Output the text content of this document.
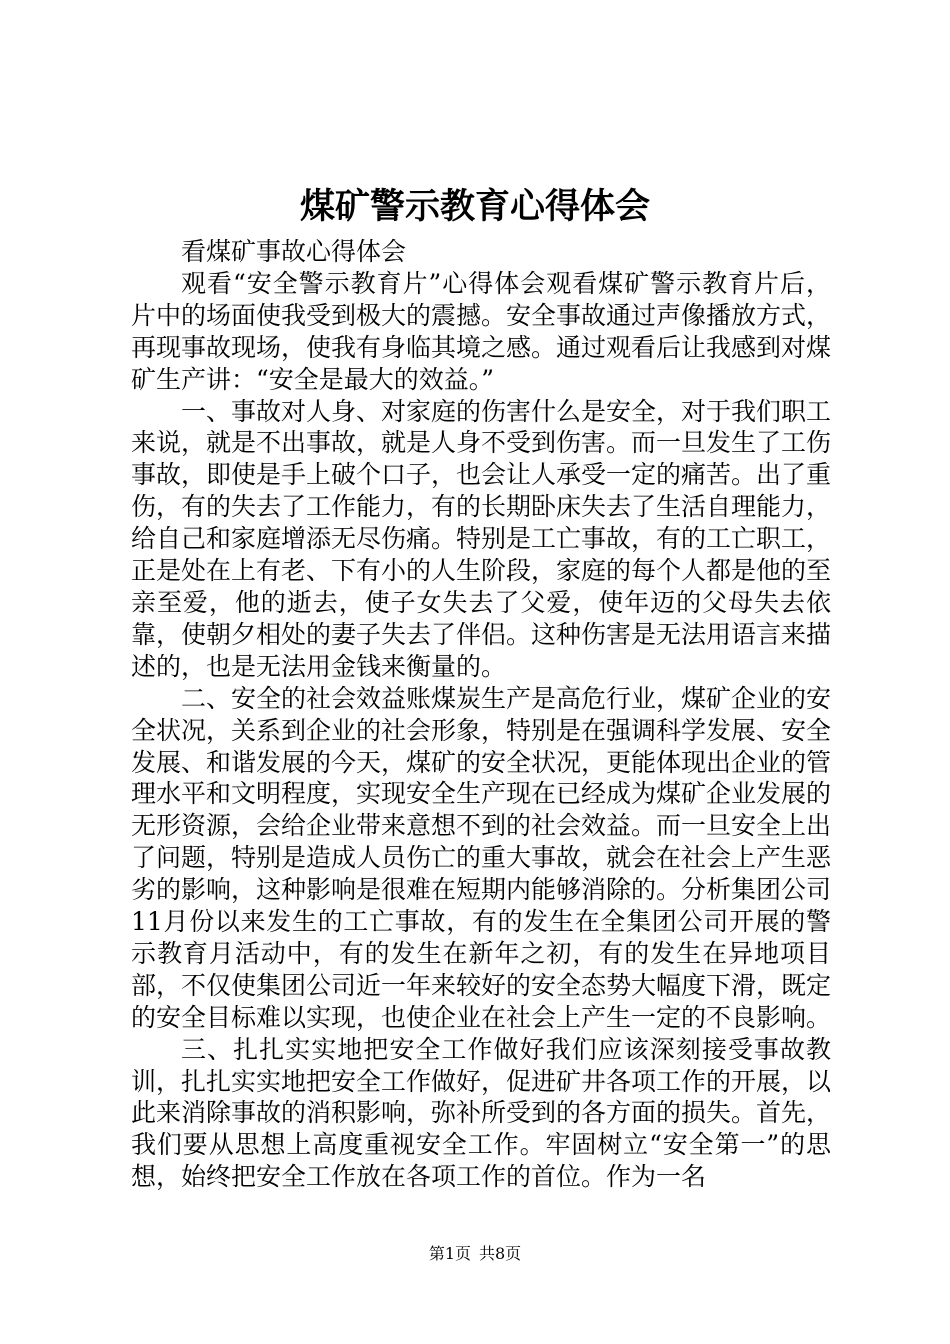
煤矿警示教育心得体会

看煤矿事故心得体会

观看“安全警示教育片”心得体会观看煤矿警示教育片后，片中的场面使我受到极大的震撼。安全事故通过声像播放方式，再现事故现场，使我有身临其境之感。通过观看后让我感到对煤矿生产讲：“安全是最大的效益。”

一、事故对人身、对家庭的伤害什么是安全，对于我们职工来说，就是不出事故，就是人身不受到伤害。而一旦发生了工伤事故，即使是手上破个口子，也会让人承受一定的痛苦。出了重伤，有的失去了工作能力，有的长期卧床失去了生活自理能力，给自己和家庭增添无尽伤痛。特别是工亡事故，有的工亡职工，正是处在上有老、下有小的人生阶段，家庭的每个人都是他的至亲至爱，他的逝去，使子女失去了父爱，使年迈的父母失去依靠，使朝夕相处的妻子失去了伴侣。这种伤害是无法用语言来描述的，也是无法用金钱来衡量的。

二、安全的社会效益账煤炭生产是高危行业，煤矿企业的安全状况，关系到企业的社会形象，特别是在强调科学发展、安全发展、和谐发展的今天，煤矿的安全状况，更能体现出企业的管理水平和文明程度，实现安全生产现在已经成为煤矿企业发展的无形资源，会给企业带来意想不到的社会效益。而一旦安全上出了问题，特别是造成人员伤亡的重大事故，就会在社会上产生恶劣的影响，这种影响是很难在短期内能够消除的。分析集团公司11月份以来发生的工亡事故，有的发生在全集团公司开展的警示教育月活动中，有的发生在新年之初，有的发生在异地项目部，不仅使集团公司近一年来较好的安全态势大幅度下滑，既定的安全目标难以实现，也使企业在社会上产生一定的不良影响。

三、扎扎实实地把安全工作做好我们应该深刻接受事故教训，扎扎实实地把安全工作做好，促进矿井各项工作的开展，以此来消除事故的消积影响，弥补所受到的各方面的损失。首先，我们要从思想上高度重视安全工作。牢固树立“安全第一”的思想，始终把安全工作放在各项工作的首位。作为一名

第1页 共8页
